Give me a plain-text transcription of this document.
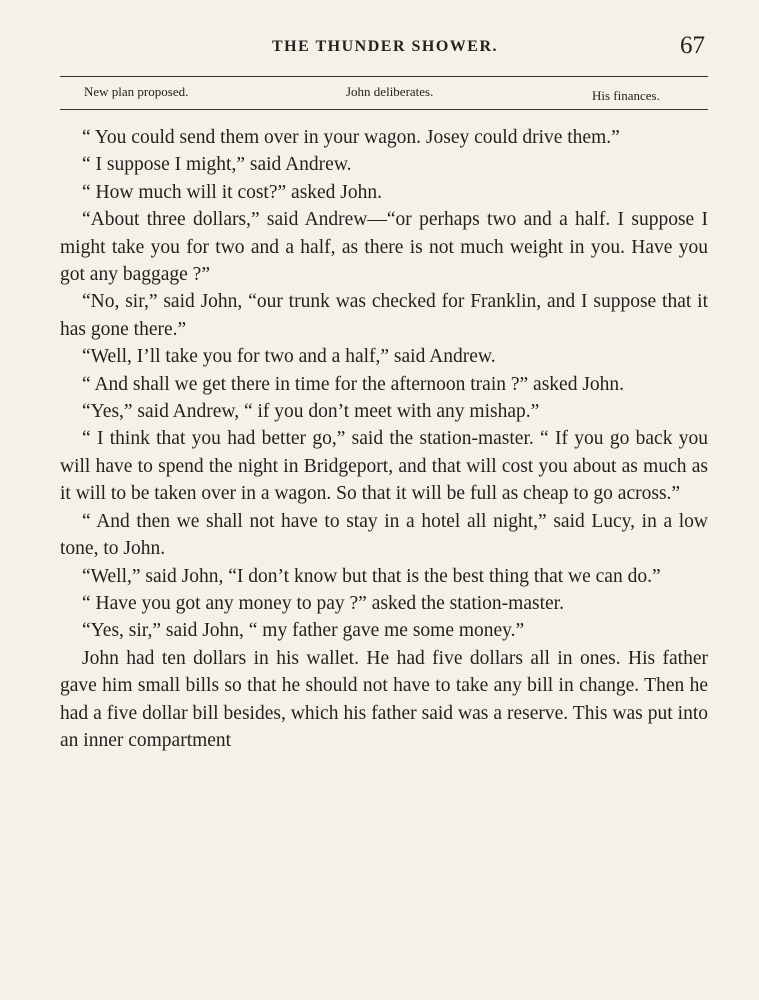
THE THUNDER SHOWER.	67
New plan proposed.	John deliberates.	His finances.

“ You could send them over in your wagon. Josey could drive them.”

“ I suppose I might,” said Andrew.

“ How much will it cost?” asked John.

“About three dollars,” said Andrew—“or perhaps two and a half. I suppose I might take you for two and a half, as there is not much weight in you. Have you got any baggage ?”

“No, sir,” said John, “our trunk was checked for Franklin, and I suppose that it has gone there.”

“Well, I’ll take you for two and a half,” said Andrew.

“ And shall we get there in time for the afternoon train ?” asked John.

“Yes,” said Andrew, “ if you don’t meet with any mishap.”

“ I think that you had better go,” said the station-master. “ If you go back you will have to spend the night in Bridgeport, and that will cost you about as much as it will to be taken over in a wagon. So that it will be full as cheap to go across.”

“ And then we shall not have to stay in a hotel all night,” said Lucy, in a low tone, to John.

“Well,” said John, “I don’t know but that is the best thing that we can do.”

“ Have you got any money to pay ?” asked the station-master.

“Yes, sir,” said John, “ my father gave me some money.”

John had ten dollars in his wallet. He had five dollars all in ones. His father gave him small bills so that he should not have to take any bill in change. Then he had a five dollar bill besides, which his father said was a reserve. This was put into an inner compartment
